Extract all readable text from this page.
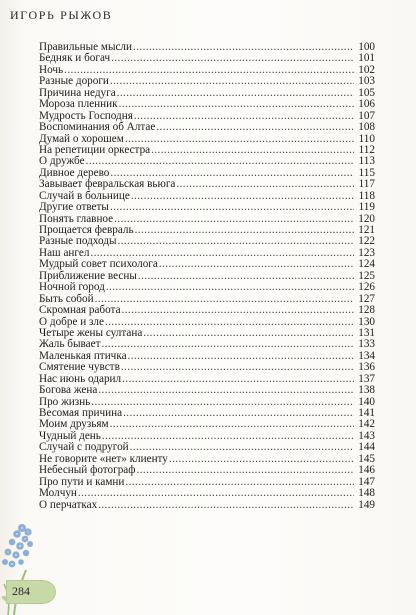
ИГОРЬ РЫЖОВ
Правильные мысли . . .	100
Бедняк и богач . . .	101
Ночь . . .	102
Разные дороги . . .	103
Причина недуга . . .	105
Мороза пленник . . .	106
Мудрость Господня . . .	107
Воспоминания об Алтае . . .	108
Думай о хорошем . . .	110
На репетиции оркестра . . .	112
О дружбе . . .	113
Дивное дерево . . .	115
Завывает февральская вьюга . . .	117
Случай в больнице . . .	118
Другие ответы . . .	119
Понять главное . . .	120
Прощается февраль . . .	121
Разные подходы . . .	122
Наш ангел . . .	123
Мудрый совет психолога . . .	124
Приближение весны . . .	125
Ночной город . . .	126
Быть собой . . .	127
Скромная работа . . .	128
О добре и зле . . .	130
Четыре жены султана . . .	131
Жаль бывает . . .	133
Маленькая птичка . . .	134
Смятение чувств . . .	136
Нас июнь одарил . . .	137
Богова жена . . .	138
Про жизнь . . .	140
Весомая причина . . .	141
Моим друзьям . . .	142
Чудный день . . .	143
Случай с подругой . . .	144
Не говорите «нет» клиенту . . .	145
Небесный фотограф . . .	146
Про пути и камни . . .	147
Молчун . . .	148
О перчатках . . .	149
284
